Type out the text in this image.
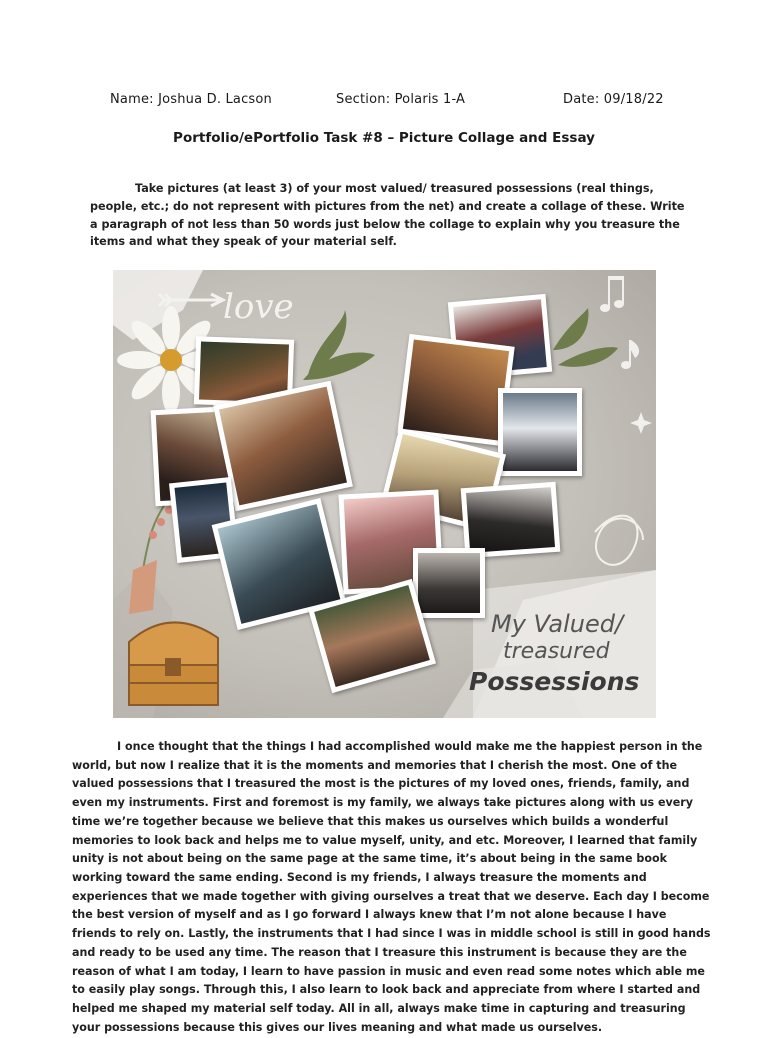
Name: Joshua D. Lacson	Section: Polaris 1-A	Date: 09/18/22
Portfolio/ePortfolio Task #8 – Picture Collage and Essay

Take pictures (at least 3) of your most valued/ treasured possessions (real things, people, etc.; do not represent with pictures from the net) and create a collage of these. Write a paragraph of not less than 50 words just below the collage to explain why you treasure the items and what they speak of your material self.

love
My Valued/
treasured
Possessions

I once thought that the things I had accomplished would make me the happiest person in the world, but now I realize that it is the moments and memories that I cherish the most. One of the valued possessions that I treasured the most is the pictures of my loved ones, friends, family, and even my instruments. First and foremost is my family, we always take pictures along with us every time we’re together because we believe that this makes us ourselves which builds a wonderful memories to look back and helps me to value myself, unity, and etc. Moreover, I learned that family unity is not about being on the same page at the same time, it’s about being in the same book working toward the same ending. Second is my friends, I always treasure the moments and experiences that we made together with giving ourselves a treat that we deserve. Each day I become the best version of myself and as I go forward I always knew that I’m not alone because I have friends to rely on. Lastly, the instruments that I had since I was in middle school is still in good hands and ready to be used any time. The reason that I treasure this instrument is because they are the reason of what I am today, I learn to have passion in music and even read some notes which able me to easily play songs. Through this, I also learn to look back and appreciate from where I started and helped me shaped my material self today. All in all, always make time in capturing and treasuring your possessions because this gives our lives meaning and what made us ourselves.
